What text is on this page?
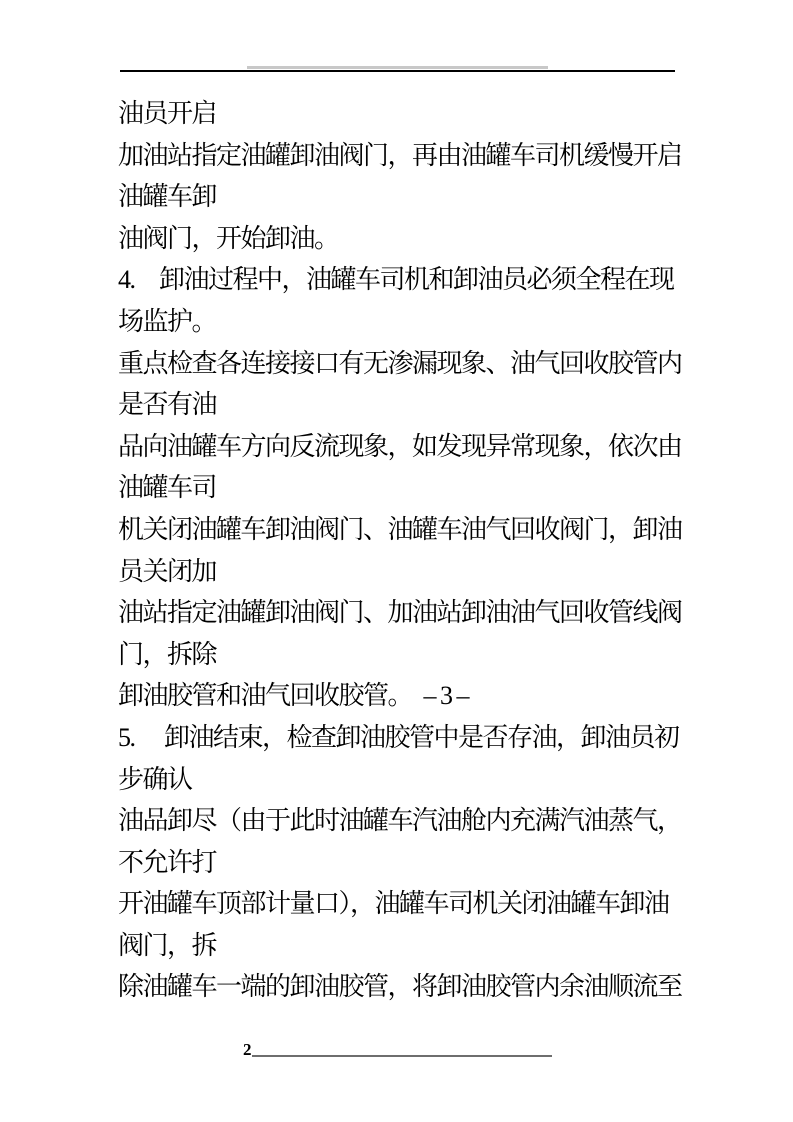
油员开启
加油站指定油罐卸油阀门，再由油罐车司机缓慢开启
油罐车卸
油阀门，开始卸油。
4.　卸油过程中，油罐车司机和卸油员必须全程在现
场监护。
重点检查各连接接口有无渗漏现象、油气回收胶管内
是否有油
品向油罐车方向反流现象，如发现异常现象，依次由
油罐车司
机关闭油罐车卸油阀门、油罐车油气回收阀门，卸油
员关闭加
油站指定油罐卸油阀门、加油站卸油油气回收管线阀
门，拆除
卸油胶管和油气回收胶管。　– 3 –
5.　 卸油结束，检查卸油胶管中是否存油，卸油员初
步确认
油品卸尽（由于此时油罐车汽油舱内充满汽油蒸气，
不允许打
开油罐车顶部计量口），油罐车司机关闭油罐车卸油
阀门，拆
除油罐车一端的卸油胶管，将卸油胶管内余油顺流至
2
